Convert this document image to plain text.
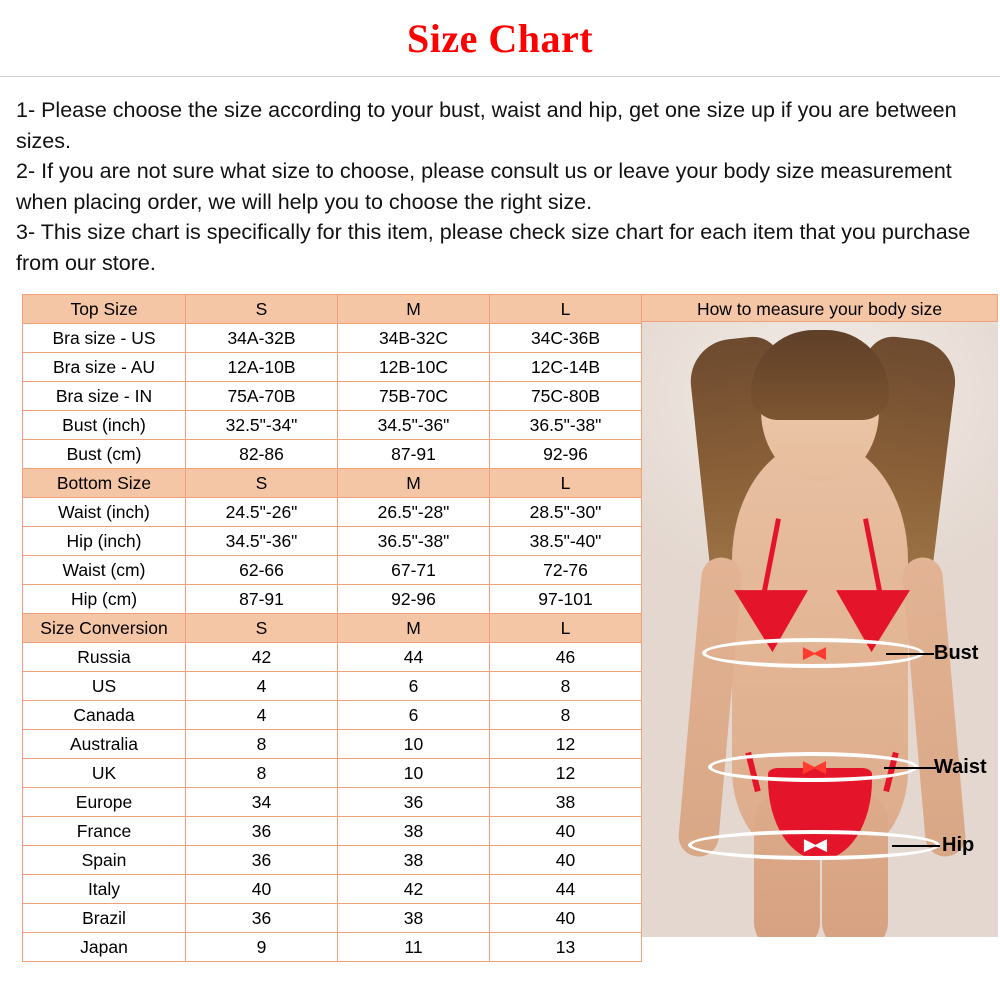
Size Chart

1- Please choose the size according to your bust, waist and hip, get one size up if you are between sizes.

2- If you are not sure what size to choose, please consult us or leave your body size measurement when placing order, we will help you to choose the right size.

3- This size chart is specifically for this item, please check size chart for each item that you purchase from our store.

Top Size	S	M	L
Bra size - US	34A-32B	34B-32C	34C-36B
Bra size - AU	12A-10B	12B-10C	12C-14B
Bra size - IN	75A-70B	75B-70C	75C-80B
Bust (inch)	32.5"-34"	34.5"-36"	36.5"-38"
Bust (cm)	82-86	87-91	92-96
Bottom Size	S	M	L
Waist (inch)	24.5"-26"	26.5"-28"	28.5"-30"
Hip (inch)	34.5"-36"	36.5"-38"	38.5"-40"
Waist (cm)	62-66	67-71	72-76
Hip (cm)	87-91	92-96	97-101
Size Conversion	S	M	L
Russia	42	44	46
US	4	6	8
Canada	4	6	8
Australia	8	10	12
UK	8	10	12
Europe	34	36	38
France	36	38	40
Spain	36	38	40
Italy	40	42	44
Brazil	36	38	40
Japan	9	11	13
How to measure your body size
▶◀
▶◀
▶◀
Bust
Waist
Hip
